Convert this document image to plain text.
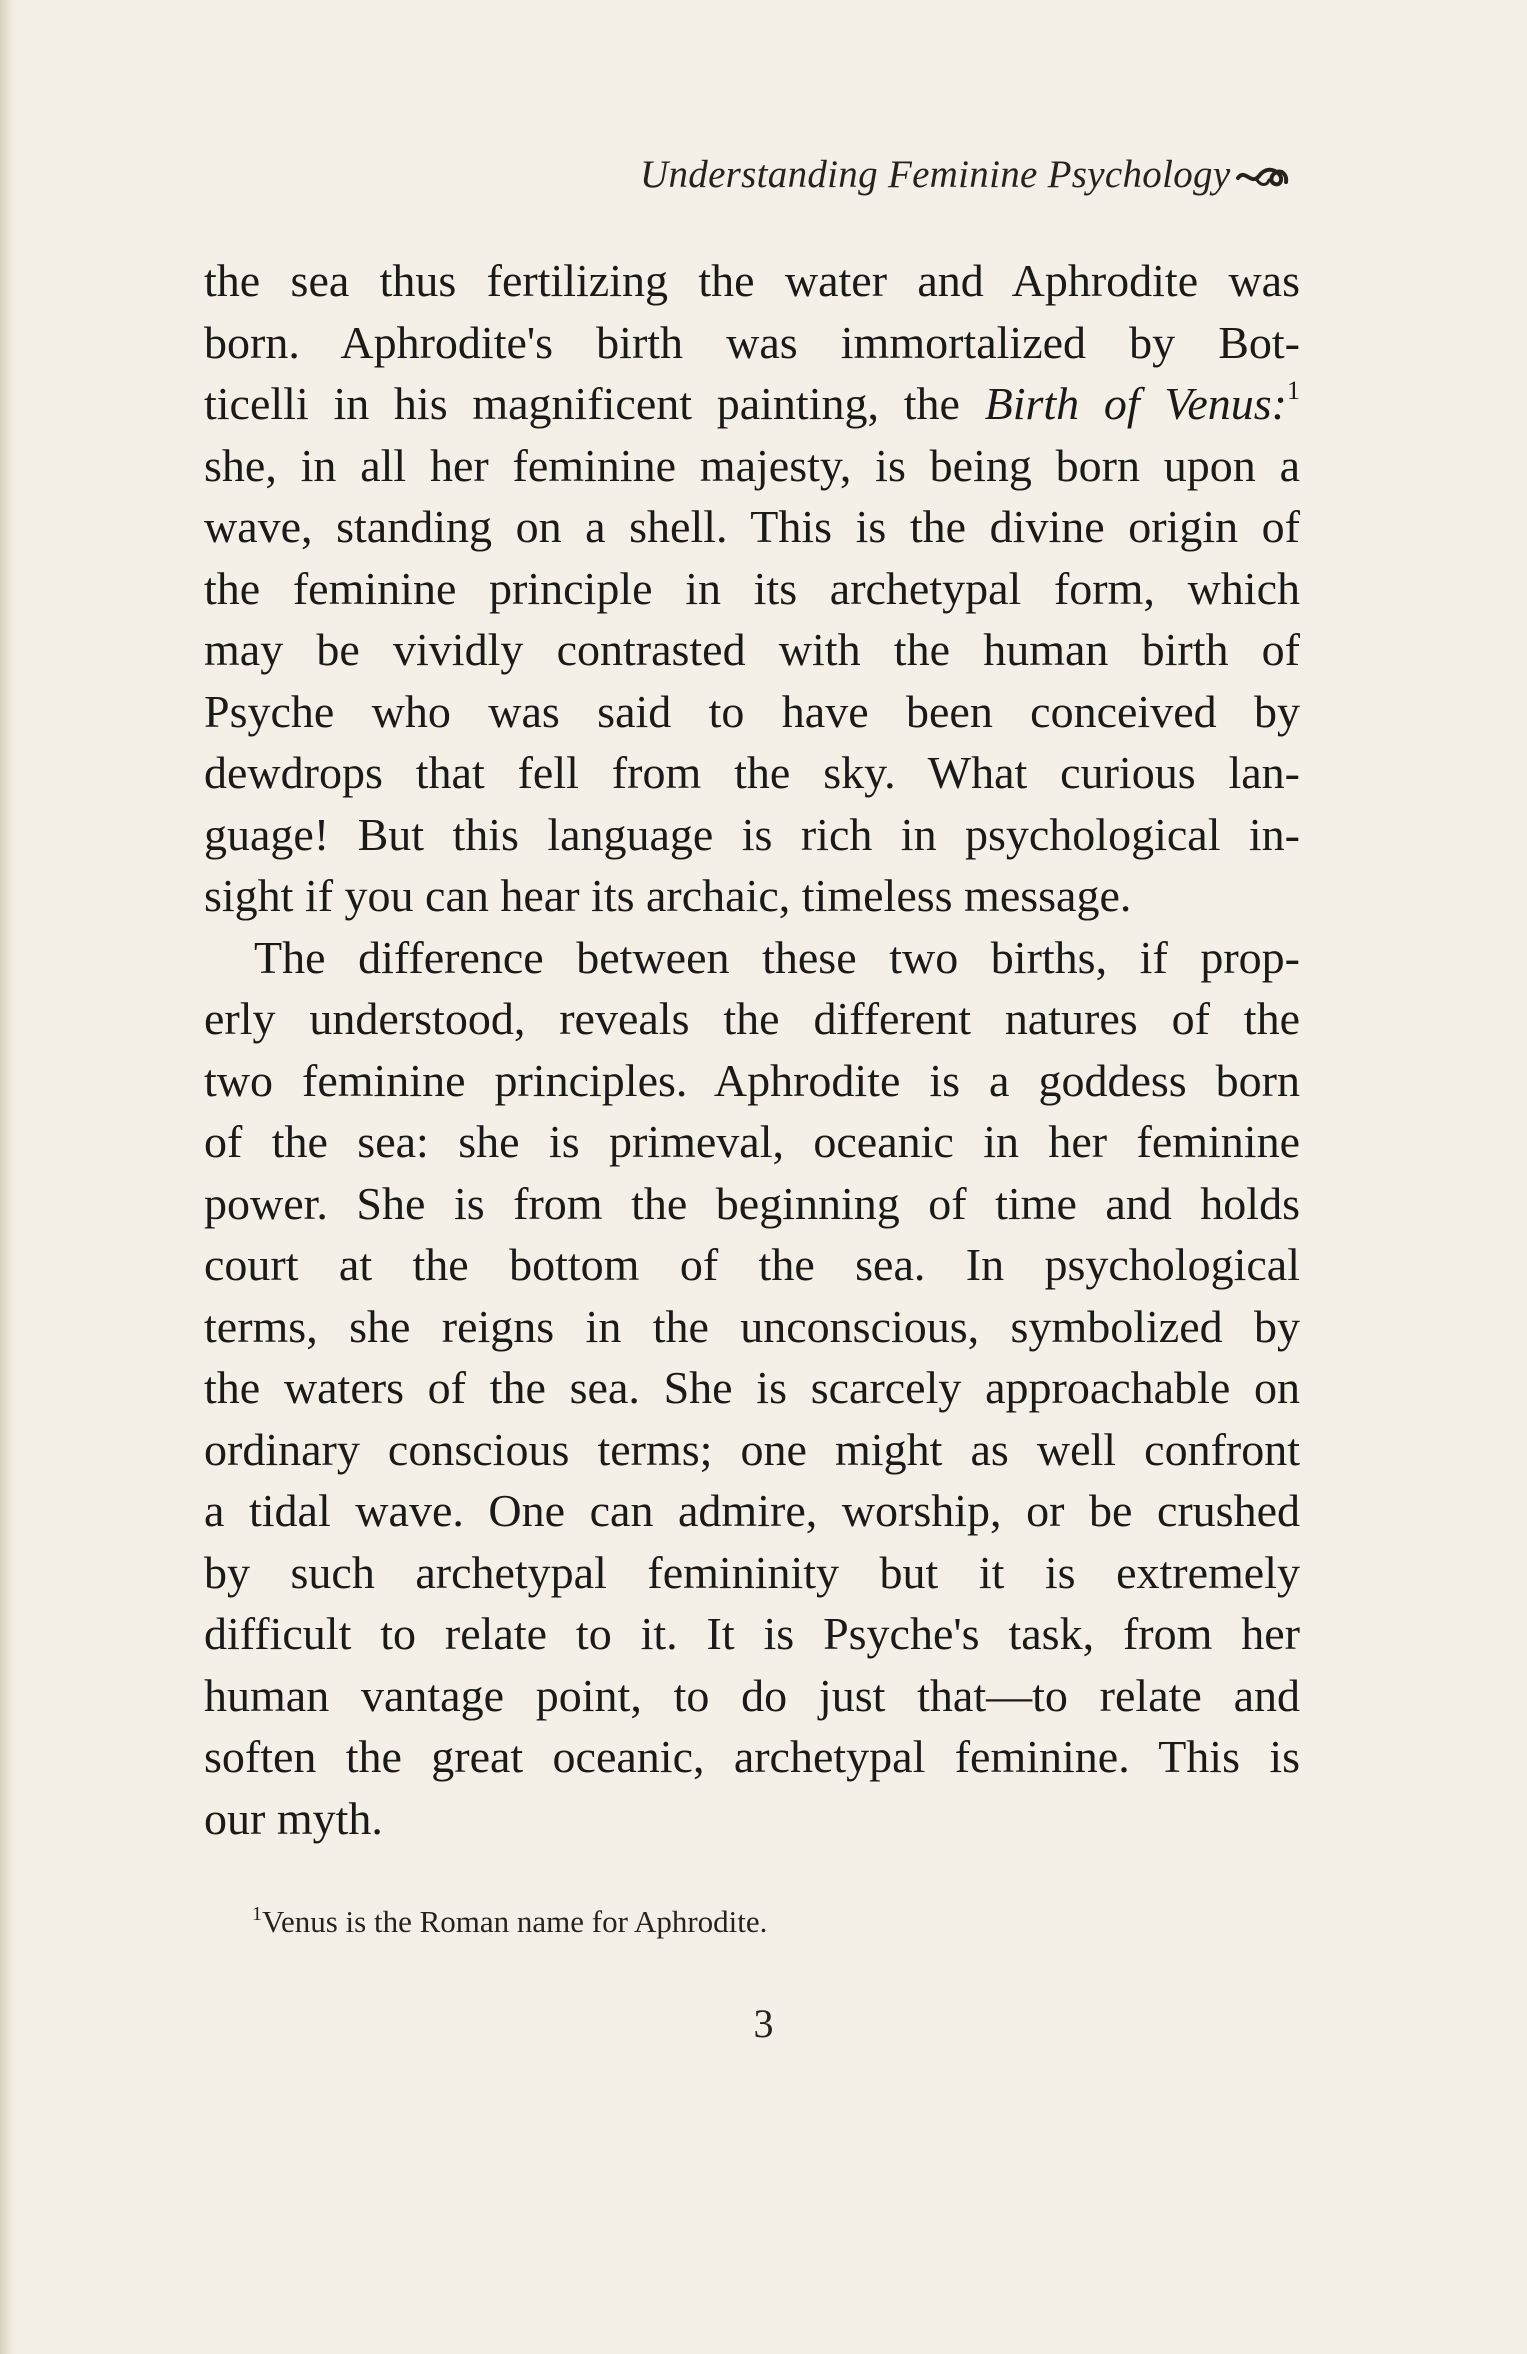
Understanding Feminine Psychology
the sea thus fertilizing the water and Aphrodite was
born. Aphrodite's birth was immortalized by Bot-
ticelli in his magnificent painting, the Birth of Venus:$^1$
she, in all her feminine majesty, is being born upon a
wave, standing on a shell. This is the divine origin of
the feminine principle in its archetypal form, which
may be vividly contrasted with the human birth of
Psyche who was said to have been conceived by
dewdrops that fell from the sky. What curious lan-
guage! But this language is rich in psychological in-
sight if you can hear its archaic, timeless message.
The difference between these two births, if prop-
erly understood, reveals the different natures of the
two feminine principles. Aphrodite is a goddess born
of the sea: she is primeval, oceanic in her feminine
power. She is from the beginning of time and holds
court at the bottom of the sea. In psychological
terms, she reigns in the unconscious, symbolized by
the waters of the sea. She is scarcely approachable on
ordinary conscious terms; one might as well confront
a tidal wave. One can admire, worship, or be crushed
by such archetypal femininity but it is extremely
difficult to relate to it. It is Psyche's task, from her
human vantage point, to do just that—to relate and
soften the great oceanic, archetypal feminine. This is
our myth.
$^1$Venus is the Roman name for Aphrodite.
3
